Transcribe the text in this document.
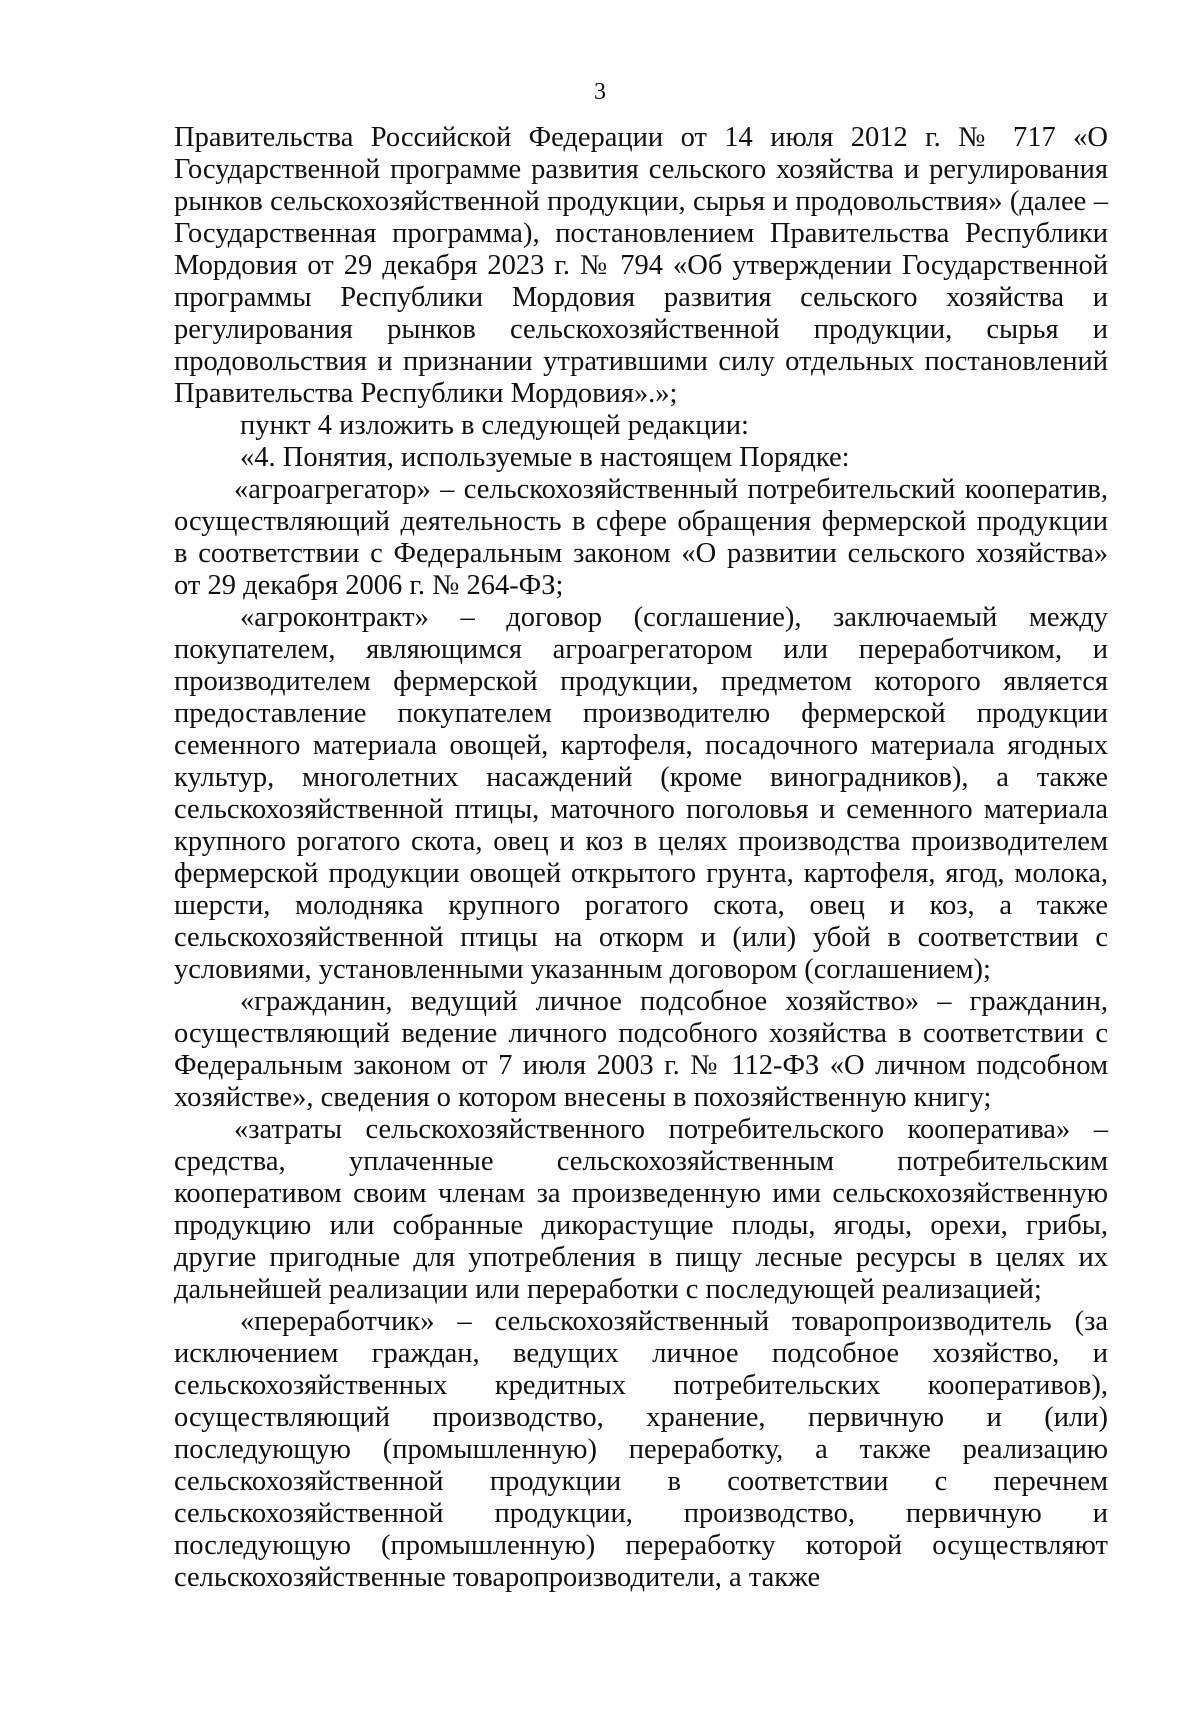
3

Правительства Российской Федерации от 14 июля 2012 г. № 717 «О Государственной программе развития сельского хозяйства и регулирования рынков сельскохозяйственной продукции, сырья и продовольствия» (далее – Государственная программа), постановлением Правительства Республики Мордовия от 29 декабря 2023 г. № 794 «Об утверждении Государственной программы Республики Мордовия развития сельского хозяйства и регулирования рынков сельскохозяйственной продукции, сырья и продовольствия и признании утратившими силу отдельных постановлений Правительства Республики Мордовия».»;

пункт 4 изложить в следующей редакции:

«4. Понятия, используемые в настоящем Порядке:

«агроагрегатор» – сельскохозяйственный потребительский кооператив, осуществляющий деятельность в сфере обращения фермерской продукции в соответствии с Федеральным законом «О развитии сельского хозяйства» от 29 декабря 2006 г. № 264-ФЗ;

«агроконтракт» – договор (соглашение), заключаемый между покупателем, являющимся агроагрегатором или переработчиком, и производителем фермерской продукции, предметом которого является предоставление покупателем производителю фермерской продукции семенного материала овощей, картофеля, посадочного материала ягодных культур, многолетних насаждений (кроме виноградников), а также сельскохозяйственной птицы, маточного поголовья и семенного материала крупного рогатого скота, овец и коз в целях производства производителем фермерской продукции овощей открытого грунта, картофеля, ягод, молока, шерсти, молодняка крупного рогатого скота, овец и коз, а также сельскохозяйственной птицы на откорм и (или) убой в соответствии с условиями, установленными указанным договором (соглашением);

«гражданин, ведущий личное подсобное хозяйство» – гражданин, осуществляющий ведение личного подсобного хозяйства в соответствии с Федеральным законом от 7 июля 2003 г. № 112-ФЗ «О личном подсобном хозяйстве», сведения о котором внесены в похозяйственную книгу;

«затраты сельскохозяйственного потребительского кооператива» – средства, уплаченные сельскохозяйственным потребительским кооперативом своим членам за произведенную ими сельскохозяйственную продукцию или собранные дикорастущие плоды, ягоды, орехи, грибы, другие пригодные для употребления в пищу лесные ресурсы в целях их дальнейшей реализации или переработки с последующей реализацией;

«переработчик» – сельскохозяйственный товаропроизводитель (за исключением граждан, ведущих личное подсобное хозяйство, и сельскохозяйственных кредитных потребительских кооперативов), осуществляющий производство, хранение, первичную и (или) последующую (промышленную) переработку, а также реализацию сельскохозяйственной продукции в соответствии с перечнем сельскохозяйственной продукции, производство, первичную и последующую (промышленную) переработку которой осуществляют сельскохозяйственные товаропроизводители, а также
